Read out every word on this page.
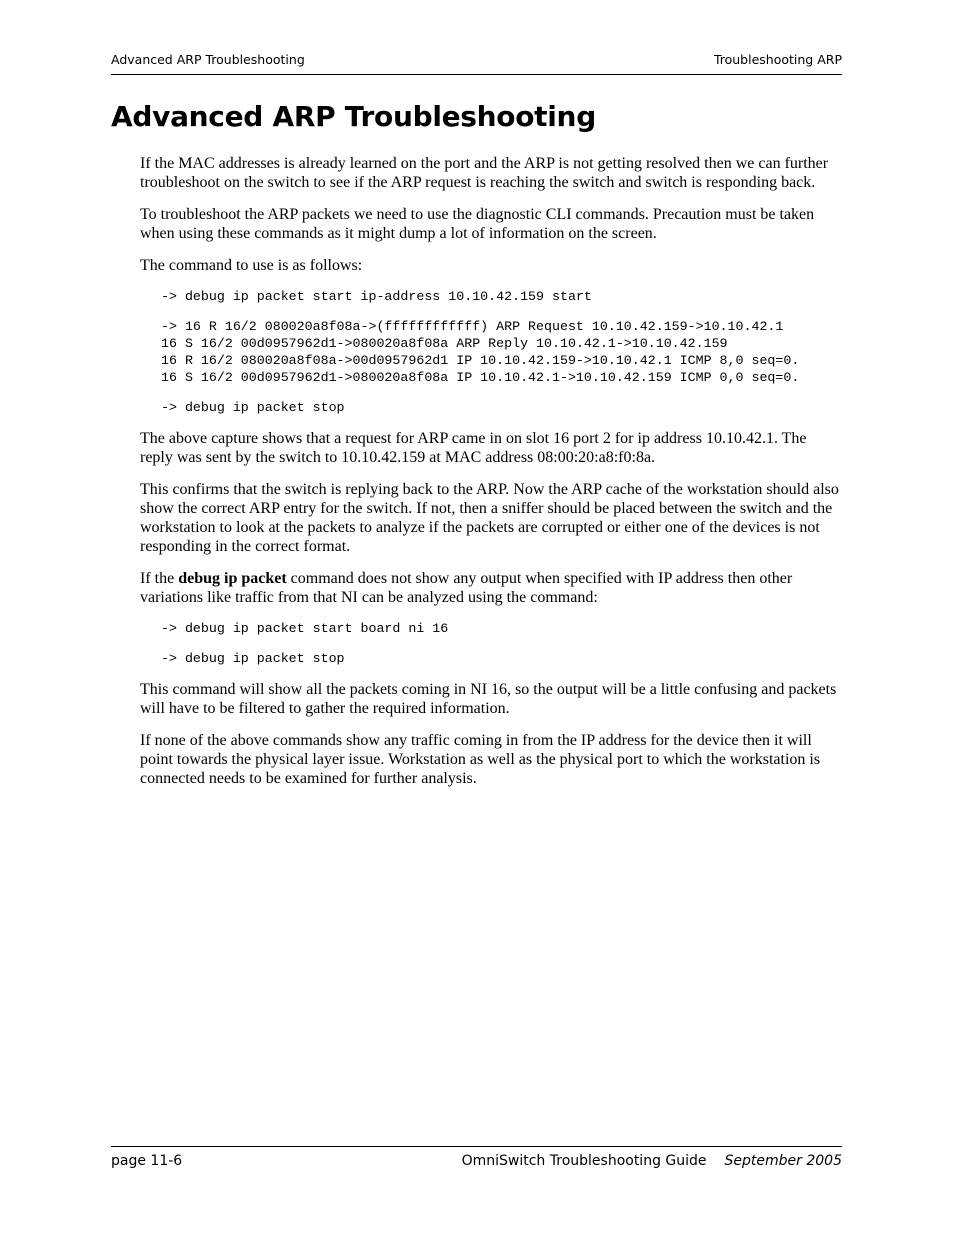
Advanced ARP Troubleshooting	Troubleshooting ARP
Advanced ARP Troubleshooting

If the MAC addresses is already learned on the port and the ARP is not getting resolved then we can further troubleshoot on the switch to see if the ARP request is reaching the switch and switch is responding back.

To troubleshoot the ARP packets we need to use the diagnostic CLI commands. Precaution must be taken when using these commands as it might dump a lot of information on the screen.

The command to use is as follows:

-> debug ip packet start ip-address 10.10.42.159 start
-> 16 R 16/2 080020a8f08a->(ffffffffffff) ARP Request 10.10.42.159->10.10.42.1
16 S 16/2 00d0957962d1->080020a8f08a ARP Reply 10.10.42.1->10.10.42.159
16 R 16/2 080020a8f08a->00d0957962d1 IP 10.10.42.159->10.10.42.1 ICMP 8,0 seq=0.
16 S 16/2 00d0957962d1->080020a8f08a IP 10.10.42.1->10.10.42.159 ICMP 0,0 seq=0.
-> debug ip packet stop

The above capture shows that a request for ARP came in on slot 16 port 2 for ip address 10.10.42.1. The reply was sent by the switch to 10.10.42.159 at MAC address 08:00:20:a8:f0:8a.

This confirms that the switch is replying back to the ARP. Now the ARP cache of the workstation should also show the correct ARP entry for the switch. If not, then a sniffer should be placed between the switch and the workstation to look at the packets to analyze if the packets are corrupted or either one of the devices is not responding in the correct format.

If the debug ip packet command does not show any output when specified with IP address then other variations like traffic from that NI can be analyzed using the command:

-> debug ip packet start board ni 16
-> debug ip packet stop

This command will show all the packets coming in NI 16, so the output will be a little confusing and packets will have to be filtered to gather the required information.

If none of the above commands show any traffic coming in from the IP address for the device then it will point towards the physical layer issue. Workstation as well as the physical port to which the workstation is connected needs to be examined for further analysis.

page 11-6	OmniSwitch Troubleshooting Guide September 2005
